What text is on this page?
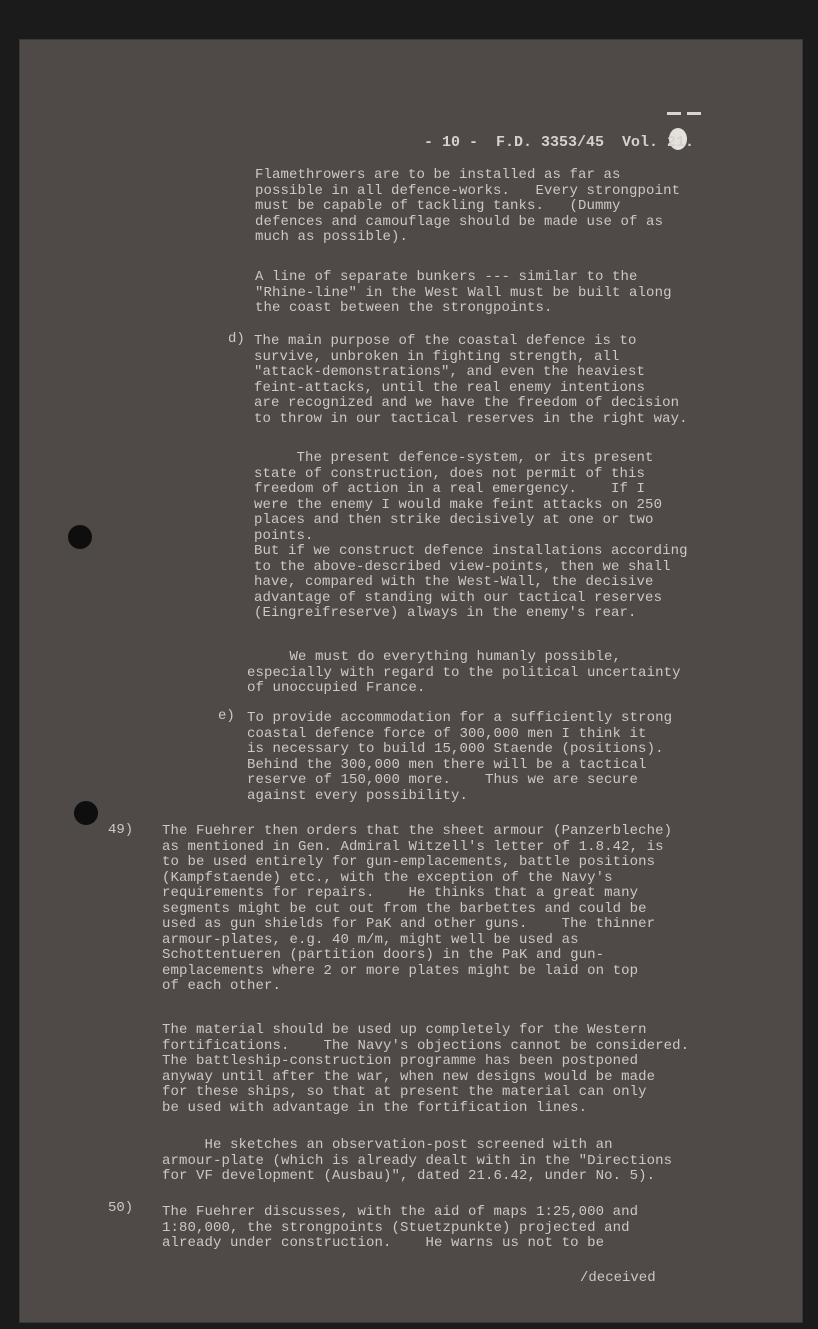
- 10 -  F.D. 3353/45  Vol. 21.
Flamethrowers are to be installed as far as
possible in all defence-works.   Every strongpoint
must be capable of tackling tanks.   (Dummy
defences and camouflage should be made use of as
much as possible).
A line of separate bunkers --- similar to the
"Rhine-line" in the West Wall must be built along
the coast between the strongpoints.
d) The main purpose of the coastal defence is to
survive, unbroken in fighting strength, all
"attack-demonstrations", and even the heaviest
feint-attacks, until the real enemy intentions
are recognized and we have the freedom of decision
to throw in our tactical reserves in the right way.
The present defence-system, or its present
state of construction, does not permit of this
freedom of action in a real emergency.    If I
were the enemy I would make feint attacks on 250
places and then strike decisively at one or two
points.
But if we construct defence installations according
to the above-described view-points, then we shall
have, compared with the West-Wall, the decisive
advantage of standing with our tactical reserves
(Eingreifreserve) always in the enemy's rear.
We must do everything humanly possible,
especially with regard to the political uncertainty
of unoccupied France.
e) To provide accommodation for a sufficiently strong
coastal defence force of 300,000 men I think it
is necessary to build 15,000 Staende (positions).
Behind the 300,000 men there will be a tactical
reserve of 150,000 more.    Thus we are secure
against every possibility.
49) The Fuehrer then orders that the sheet armour (Panzerbleche)
as mentioned in Gen. Admiral Witzell's letter of 1.8.42, is
to be used entirely for gun-emplacements, battle positions
(Kampfstaende) etc., with the exception of the Navy's
requirements for repairs.    He thinks that a great many
segments might be cut out from the barbettes and could be
used as gun shields for PaK and other guns.    The thinner
armour-plates, e.g. 40 m/m, might well be used as
Schottentueren (partition doors) in the PaK and gun-
emplacements where 2 or more plates might be laid on top
of each other.
The material should be used up completely for the Western
fortifications.    The Navy's objections cannot be considered.
The battleship-construction programme has been postponed
anyway until after the war, when new designs would be made
for these ships, so that at present the material can only
be used with advantage in the fortification lines.
He sketches an observation-post screened with an
armour-plate (which is already dealt with in the "Directions
for VF development (Ausbau)", dated 21.6.42, under No. 5).
50) The Fuehrer discusses, with the aid of maps 1:25,000 and
1:80,000, the strongpoints (Stuetzpunkte) projected and
already under construction.    He warns us not to be
/deceived
